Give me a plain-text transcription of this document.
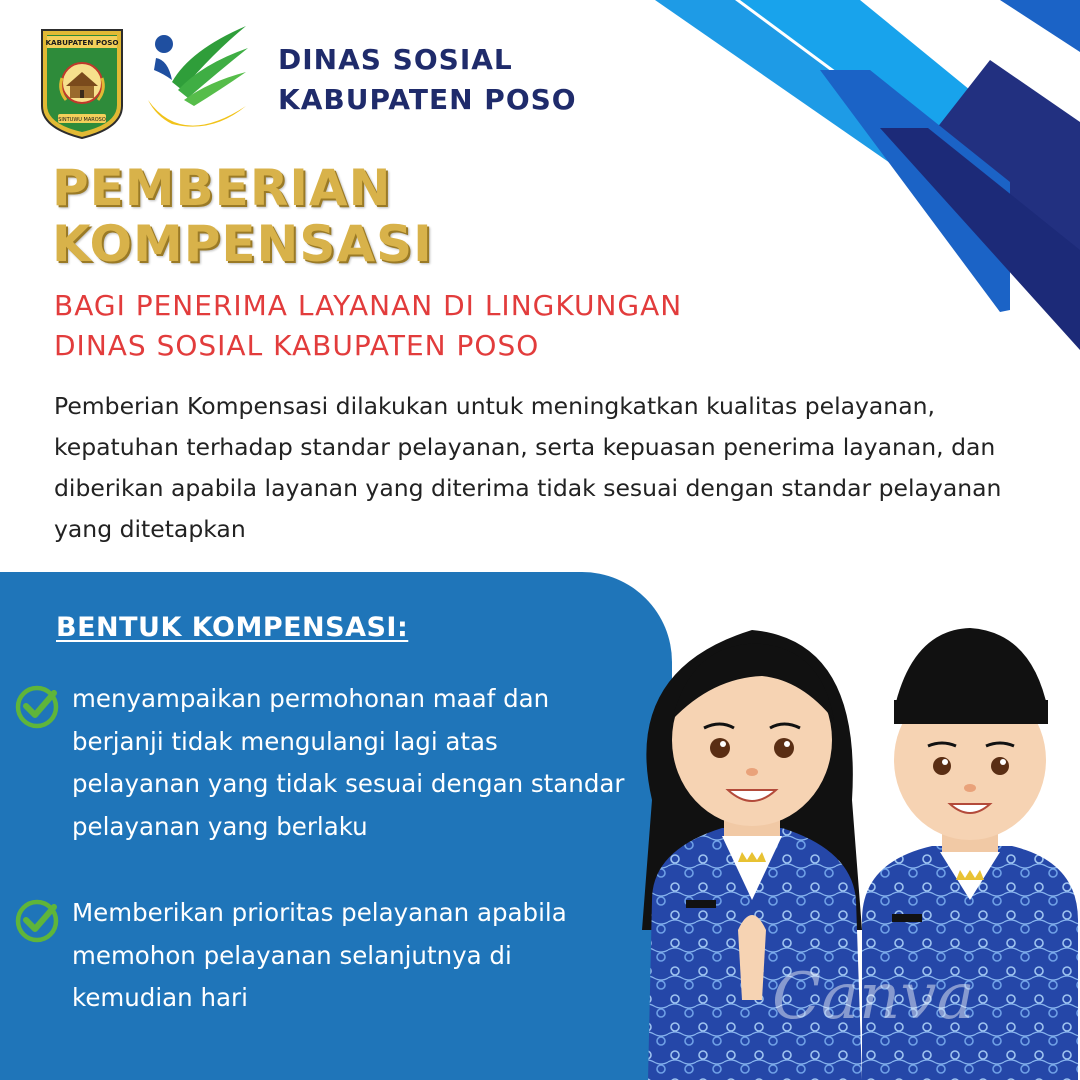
KABUPATEN POSO
SINTUWU MAROSO
DINAS SOSIAL
KABUPATEN POSO
PEMBERIAN
KOMPENSASI
BAGI PENERIMA LAYANAN DI LINGKUNGAN
DINAS SOSIAL KABUPATEN POSO

Pemberian Kompensasi dilakukan untuk meningkatkan kualitas pelayanan, kepatuhan terhadap standar pelayanan, serta kepuasan penerima layanan, dan diberikan apabila layanan yang diterima tidak sesuai dengan standar pelayanan yang ditetapkan

BENTUK KOMPENSASI:
menyampaikan permohonan maaf dan berjanji tidak mengulangi lagi atas pelayanan yang tidak sesuai dengan standar pelayanan yang berlaku
Memberikan prioritas pelayanan apabila memohon pelayanan selanjutnya di kemudian hari	Canva
